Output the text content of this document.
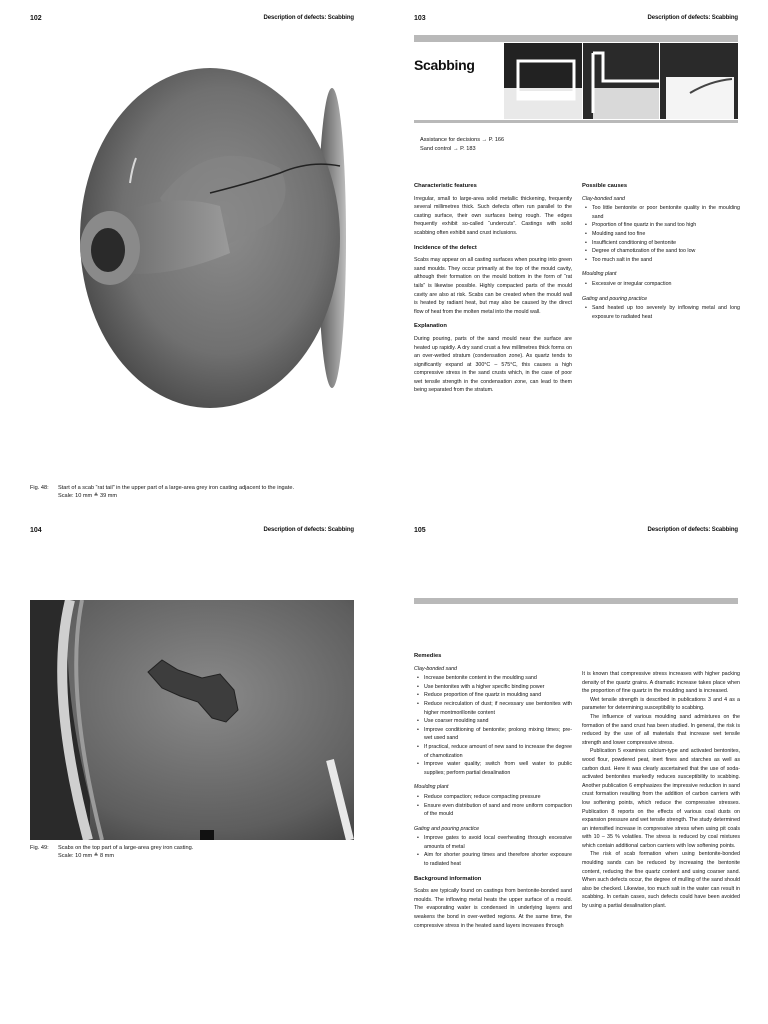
102	Description of defects: Scabbing
Fig. 48: Start of a scab “rat tail” in the upper part of a large-area grey iron casting adjacent to the ingate.
Scale: 10 mm ≙ 39 mm
103	Description of defects: Scabbing
Scabbing
Assistance for decisions → P. 166
Sand control → P. 183
Characteristic features

Irregular, small to large-area solid metallic thickening, frequently several millimetres thick. Such defects often run parallel to the casting surface, their own surfaces being rough. The edges frequently exhibit so-called “undercuts”. Castings with solid scabbing often exhibit sand crust inclusions.

Incidence of the defect

Scabs may appear on all casting surfaces when pouring into green sand moulds. They occur primarily at the top of the mould cavity, although their formation on the mould bottom in the form of “rat tails” is likewise possible. Highly compacted parts of the mould cavity are also at risk. Scabs can be created when the mould wall is heated by radiant heat, but may also be caused by the direct flow of heat from the molten metal into the mould wall.

Explanation

During pouring, parts of the sand mould near the surface are heated up rapidly. A dry sand crust a few millimetres thick forms on an over-wetted stratum (condensation zone). As quartz tends to significantly expand at 300°C – 575°C, this causes a high compressive stress in the sand crusts which, in the case of poor wet tensile strength in the condensation zone, can lead to them being separated from the stratum.

Possible causes
Clay-bonded sand
• Too little bentonite or poor bentonite quality in the moulding sand
• Proportion of fine quartz in the sand too high
• Moulding sand too fine
• Insufficient conditioning of bentonite
• Degree of chamotization of the sand too low
• Too much salt in the sand
Moulding plant
• Excessive or irregular compaction
Gating and pouring practice
• Sand heated up too severely by inflowing metal and long exposure to radiated heat
104	Description of defects: Scabbing
Fig. 49: Scabs on the top part of a large-area grey iron casting.
Scale: 10 mm ≙ 8 mm
105	Description of defects: Scabbing
Remedies
Clay-bonded sand
• Increase bentonite content in the moulding sand
• Use bentonites with a higher specific binding power
• Reduce proportion of fine quartz in moulding sand
• Reduce recirculation of dust; if necessary use bentonites with higher montmorillonite content
• Use coarser moulding sand
• Improve conditioning of bentonite; prolong mixing times; pre-wet used sand
• If practical, reduce amount of new sand to increase the degree of chamotization
• Improve water quality; switch from well water to public supplies; perform partial desalination
Moulding plant
• Reduce compaction; reduce compacting pressure
• Ensure even distribution of sand and more uniform compaction of the mould
Gating and pouring practice
• Improve gates to avoid local overheating through excessive amounts of metal
• Aim for shorter pouring times and therefore shorter exposure to radiated heat
Background information

Scabs are typically found on castings from bentonite-bonded sand moulds. The inflowing metal heats the upper surface of a mould. The evaporating water is condensed in underlying layers and weakens the bond in over-wetted regions. At the same time, the compressive stress in the heated sand layers increases through

It is known that compressive stress increases with higher packing density of the quartz grains. A dramatic increase takes place when the proportion of fine quartz in the moulding sand is increased.

Wet tensile strength is described in publications 3 and 4 as a parameter for determining susceptibility to scabbing.

The influence of various moulding sand admixtures on the formation of the sand crust has been studied. In general, the risk is reduced by the use of all materials that increase wet tensile strength and lower compressive stress.

Publication 5 examines calcium-type and activated bentonites, wood flour, powdered peat, inert fines and starches as well as carbon dust. Here it was clearly ascertained that the use of soda-activated bentonites markedly reduces susceptibility to scabbing. Another publication 6 emphasizes the impressive reduction in sand crust formation resulting from the addition of carbon carriers with low softening points, which reduce the compressive stresses. Publication 8 reports on the effects of various coal dusts on expansion pressure and wet tensile strength. The study determined an intensified increase in compressive stress when using pit coals with 10 – 35 % volatiles. The stress is reduced by coal mixtures which contain additional carbon carriers with low softening points.

The risk of scab formation when using bentonite-bonded moulding sands can be reduced by increasing the bentonite content, reducing the fine quartz content and using coarser sand. When such defects occur, the degree of mulling of the sand should also be checked. Likewise, too much salt in the water can result in scabbing. In certain cases, such defects could have been avoided by using a partial desalination plant.
